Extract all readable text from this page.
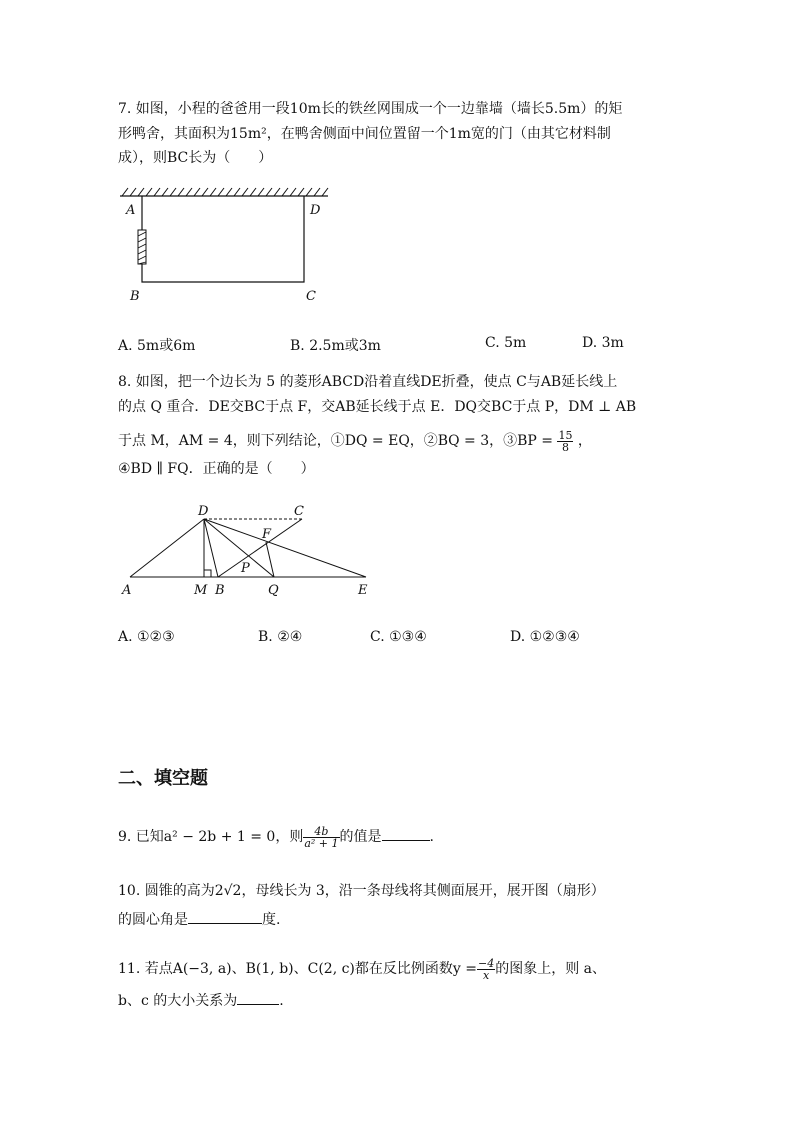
7. 如图，小程的爸爸用一段10m长的铁丝网围成一个一边靠墙（墙长5.5m）的矩
形鸭舍，其面积为15m²，在鸭舍侧面中间位置留一个1m宽的门（由其它材料制
成），则BC长为（　　）
A	D
B	C
A. 5m或6m	B. 2.5m或3m	C. 5m	D. 3m
8. 如图，把一个边长为 5 的菱形ABCD沿着直线DE折叠，使点 C与AB延长线上
的点 Q 重合．DE交BC于点 F，交AB延长线于点 E．DQ交BC于点 P，DM ⊥ AB
于点 M，AM = 4，则下列结论，①DQ = EQ，②BQ = 3，③BP = $\frac{15}{8}$ ，
④BD ∥ FQ．正确的是（　　）
D	C
F
P
A	M B	Q	E
A. ①②③	B. ②④	C. ①③④	D. ①②③④
二、填空题
9. 已知a² − 2b + 1 = 0，则 $\frac{4b}{\text{a² + 1}}$ 的值是	.
10. 圆锥的高为2√2，母线长为 3，沿一条母线将其侧面展开，展开图（扇形）
的圆心角是	度.
11. 若点A(−3, a)、B(1, b)、C(2, c)都在反比例函数$y = \frac{-4}{x}$ 的图象上，则 a、
b、c 的大小关系为	.
